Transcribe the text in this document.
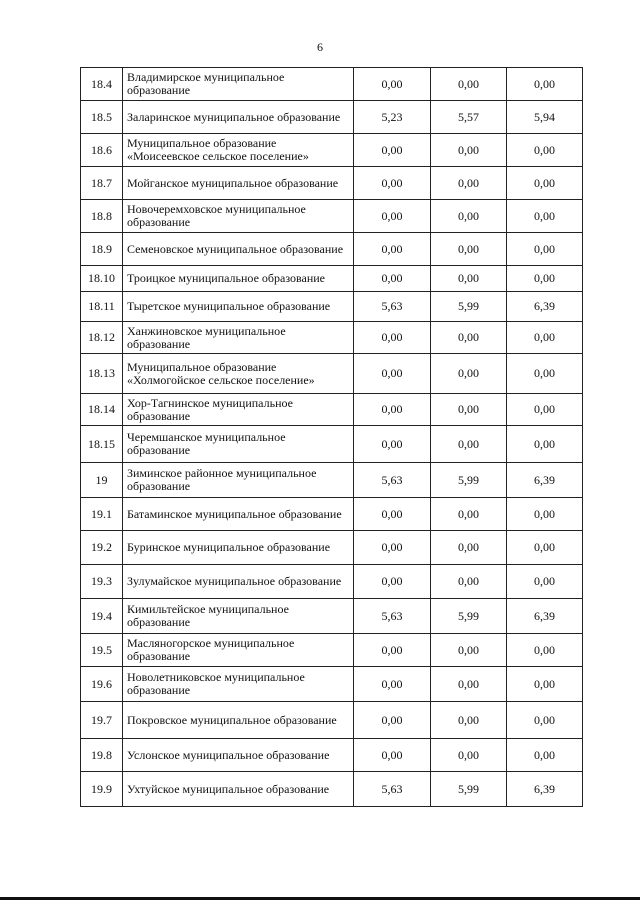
6
18.4	Владимирское муниципальное образование	0,00	0,00	0,00
18.5	Заларинское муниципальное образование	5,23	5,57	5,94
18.6	Муниципальное образование «Моисеевское сельское поселение»	0,00	0,00	0,00
18.7	Мойганское муниципальное образование	0,00	0,00	0,00
18.8	Новочеремховское муниципальное образование	0,00	0,00	0,00
18.9	Семеновское муниципальное образование	0,00	0,00	0,00
18.10	Троицкое муниципальное образование	0,00	0,00	0,00
18.11	Тыретское муниципальное образование	5,63	5,99	6,39
18.12	Ханжиновское муниципальное образование	0,00	0,00	0,00
18.13	Муниципальное образование «Холмогойское сельское поселение»	0,00	0,00	0,00
18.14	Хор-Тагнинское муниципальное образование	0,00	0,00	0,00
18.15	Черемшанское муниципальное образование	0,00	0,00	0,00
19	Зиминское районное муниципальное образование	5,63	5,99	6,39
19.1	Батаминское муниципальное образование	0,00	0,00	0,00
19.2	Буринское муниципальное образование	0,00	0,00	0,00
19.3	Зулумайское муниципальное образование	0,00	0,00	0,00
19.4	Кимильтейское муниципальное образование	5,63	5,99	6,39
19.5	Масляногорское муниципальное образование	0,00	0,00	0,00
19.6	Новолетниковское муниципальное образование	0,00	0,00	0,00
19.7	Покровское муниципальное образование	0,00	0,00	0,00
19.8	Услонское муниципальное образование	0,00	0,00	0,00
19.9	Ухтуйское муниципальное образование	5,63	5,99	6,39
